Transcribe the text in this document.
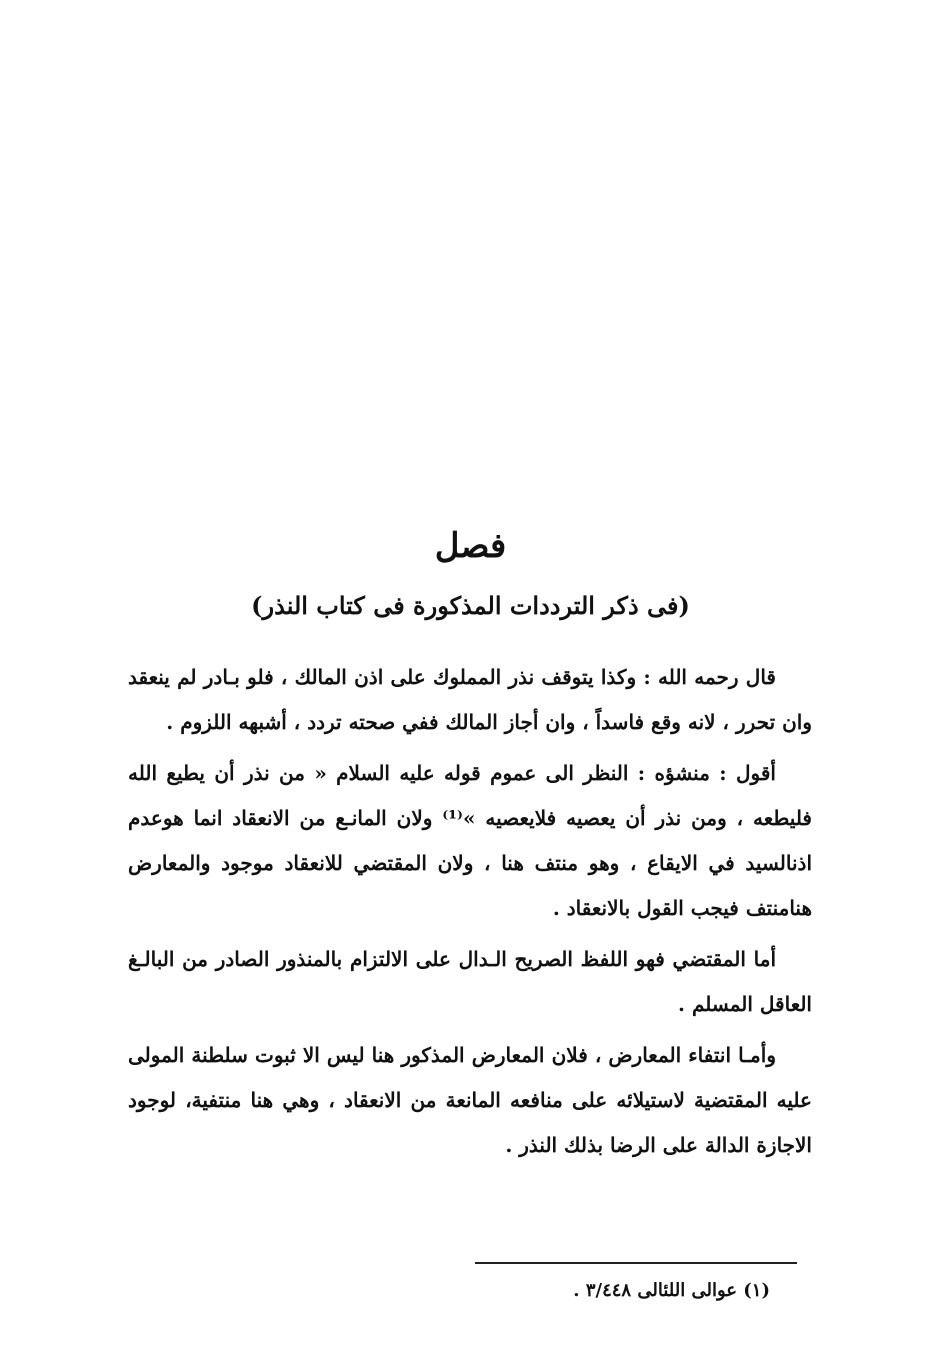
فصل
(فى ذكر الترددات المذكورة فى كتاب النذر)

قال رحمه الله : وكذا يتوقف نذر المملوك على اذن المالك ، فلو بـادر لم ينعقد وان تحرر ، لانه وقع فاسداً ، وان أجاز المالك ففي صحته تردد ، أشبهه اللزوم .

أقول : منشؤه : النظر الى عموم قوله عليه السلام « من نذر أن يطيع الله فليطعه ، ومن نذر أن يعصيه فلايعصيه »⁽¹⁾ ولان المانـع من الانعقاد انما هوعدم اذنالسيد في الايقاع ، وهو منتف هنا ، ولان المقتضي للانعقاد موجود والمعارض هنامنتف فيجب القول بالانعقاد .

أما المقتضي فهو اللفظ الصريح الـدال على الالتزام بالمنذور الصادر من البالـغ العاقل المسلم .

وأمـا انتفاء المعارض ، فلان المعارض المذكور هنا ليس الا ثبوت سلطنة المولى عليه المقتضية لاستيلائه على منافعه المانعة من الانعقاد ، وهي هنا منتفية، لوجود الاجازة الدالة على الرضا بذلك النذر .

(١) عوالى اللئالى ٣/٤٤٨ .
